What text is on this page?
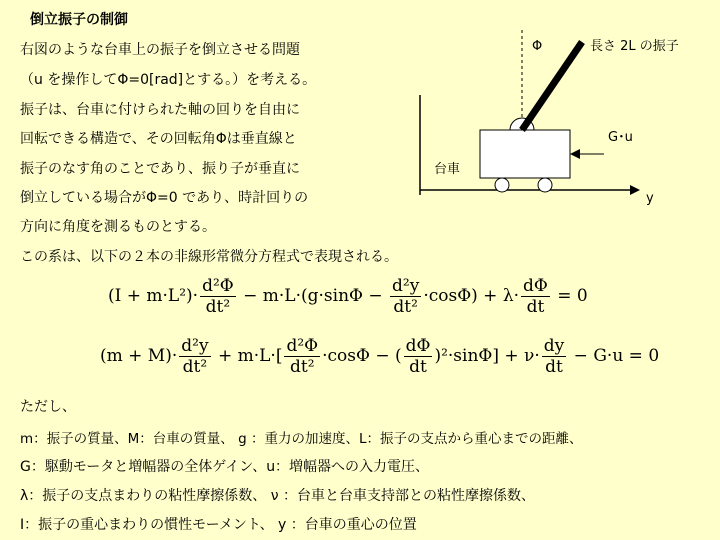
倒立振子の制御
右図のような台車上の振子を倒立させる問題
（u を操作してΦ=0[rad]とする。）を考える。
振子は、台車に付けられた軸の回りを自由に
回転できる構造で、その回転角Φは垂直線と
振子のなす角のことであり、振り子が垂直に
倒立している場合がΦ=0 であり、時計回りの
方向に角度を測るものとする。
この系は、以下の２本の非線形常微分方程式で表現される。
Φ	長さ 2L の振子
G･u
台車
y
$(I + m\cdot L^2)\cdot \frac{\text{d²Φ}}{\text{dt²}} - m\cdot L\cdot(g\cdot\sin\Phi - \frac{\text{d²y}}{\text{dt²}} \cdot\cos\Phi) + \lambda\cdot \frac{d\Phi}{dt} = 0$
$(m + M)\cdot \frac{\text{d²y}}{\text{dt²}} + m\cdot L\cdot[ \frac{\text{d²Φ}}{\text{dt²}} \cdot\cos\Phi$ − ( $\frac{d\Phi}{dt} )^2\cdot\sin\Phi] + \nu\cdot \frac{dy}{dt} - G\cdot u = 0$
ただし、
m：振子の質量、M：台車の質量、 g ：重力の加速度、L：振子の支点から重心までの距離、
G：駆動モータと増幅器の全体ゲイン、u：増幅器への入力電圧、
λ：振子の支点まわりの粘性摩擦係数、 ν ：台車と台車支持部との粘性摩擦係数、
I：振子の重心まわりの慣性モーメント、 y ：台車の重心の位置
